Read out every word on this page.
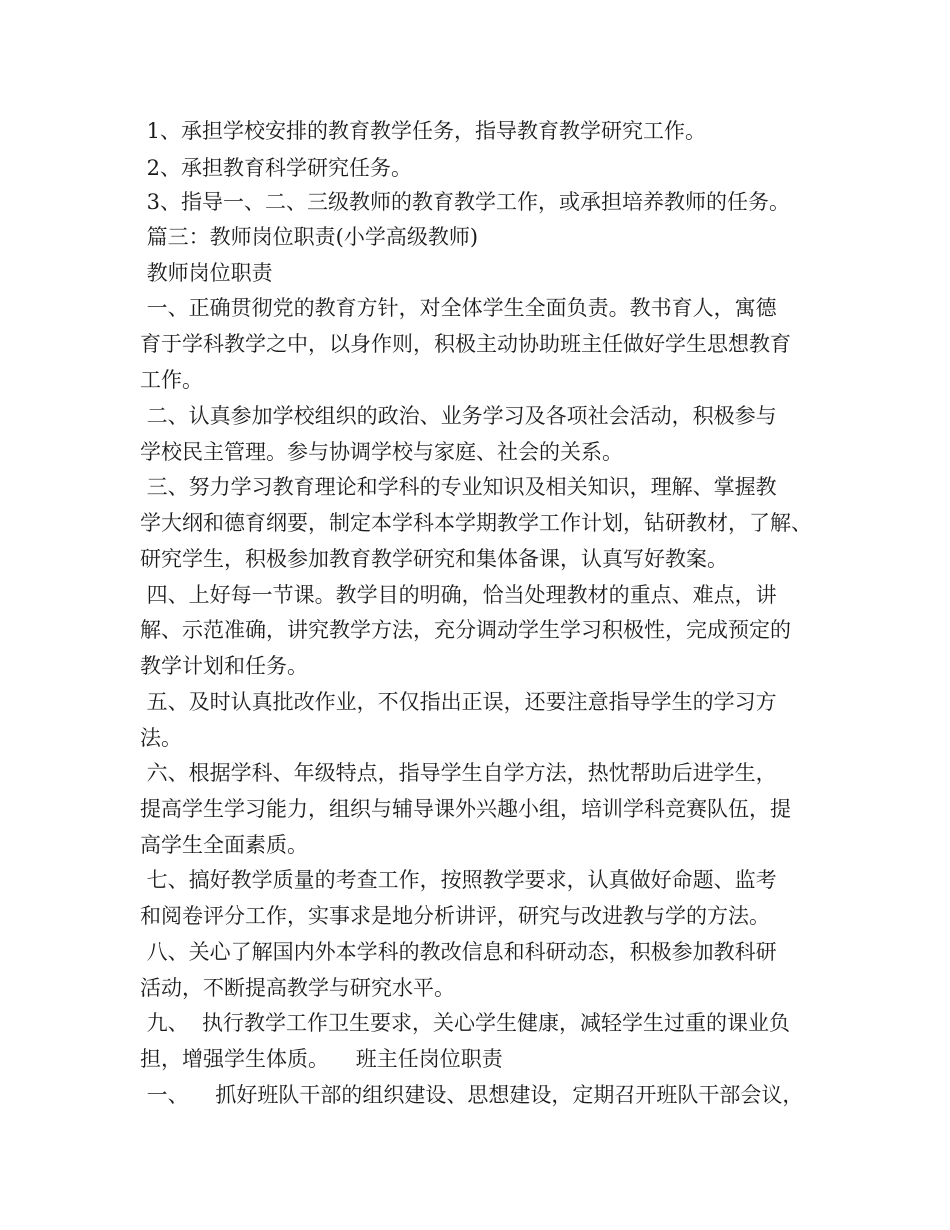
1、承担学校安排的教育教学任务，指导教育教学研究工作。
2、承担教育科学研究任务。
3、指导一、二、三级教师的教育教学工作，或承担培养教师的任务。
篇三：教师岗位职责(小学高级教师)
教师岗位职责
一、正确贯彻党的教育方针，对全体学生全面负责。教书育人，寓德
育于学科教学之中，以身作则，积极主动协助班主任做好学生思想教育
工作。
二、认真参加学校组织的政治、业务学习及各项社会活动，积极参与
学校民主管理。参与协调学校与家庭、社会的关系。
三、努力学习教育理论和学科的专业知识及相关知识，理解、掌握教
学大纲和德育纲要，制定本学科本学期教学工作计划，钻研教材，了解、
研究学生，积极参加教育教学研究和集体备课，认真写好教案。
四、上好每一节课。教学目的明确，恰当处理教材的重点、难点，讲
解、示范准确，讲究教学方法，充分调动学生学习积极性，完成预定的
教学计划和任务。
五、及时认真批改作业，不仅指出正误，还要注意指导学生的学习方
法。
六、根据学科、年级特点，指导学生自学方法，热忱帮助后进学生，
提高学生学习能力，组织与辅导课外兴趣小组，培训学科竞赛队伍，提
高学生全面素质。
七、搞好教学质量的考查工作，按照教学要求，认真做好命题、监考
和阅卷评分工作，实事求是地分析讲评，研究与改进教与学的方法。
八、关心了解国内外本学科的教改信息和科研动态，积极参加教科研
活动，不断提高教学与研究水平。
九、  执行教学工作卫生要求，关心学生健康，减轻学生过重的课业负
担，增强学生体质。    班主任岗位职责
一、    抓好班队干部的组织建设、思想建设，定期召开班队干部会议，
